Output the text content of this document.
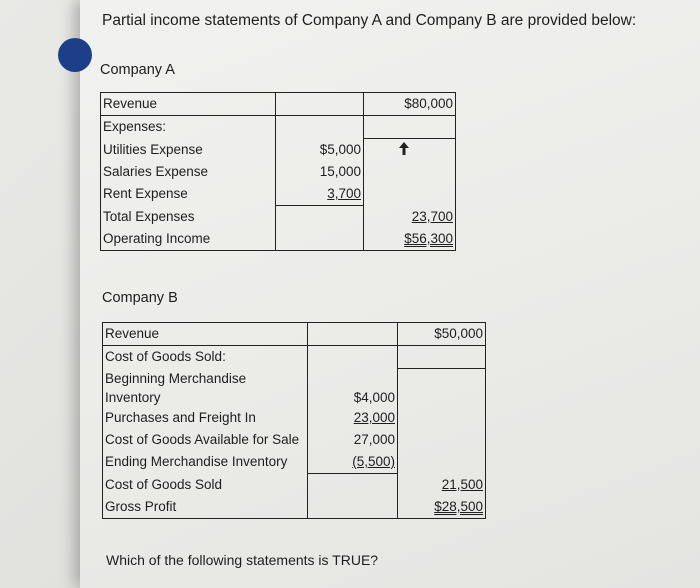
Partial income statements of Company A and Company B are provided below:
Company A
Revenue		$80,000
Expenses:		
Utilities Expense	$5,000	
Salaries Expense	15,000	
Rent Expense	3,700	
Total Expenses		23,700
Operating Income		$56,300
Company B
Revenue		$50,000
Cost of Goods Sold:		
Beginning Merchandise		
Inventory	$4,000	
Purchases and Freight In	23,000	
Cost of Goods Available for Sale	27,000	
Ending Merchandise Inventory	(5,500)	
Cost of Goods Sold		21,500
Gross Profit		$28,500
Which of the following statements is TRUE?
